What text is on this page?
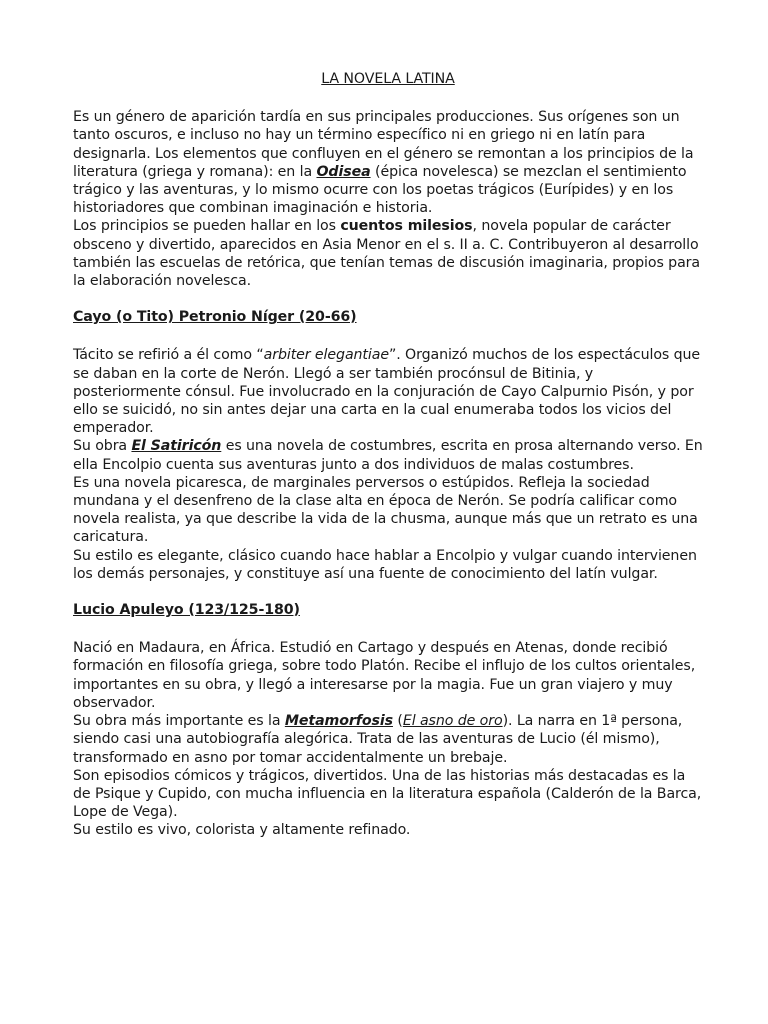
LA NOVELA LATINA

Es un género de aparición tardía en sus principales producciones. Sus orígenes son un tanto oscuros, e incluso no hay un término específico ni en griego ni en latín para designarla. Los elementos que confluyen en el género se remontan a los principios de la literatura (griega y romana): en la Odisea (épica novelesca) se mezclan el sentimiento trágico y las aventuras, y lo mismo ocurre con los poetas trágicos (Eurípides) y en los historiadores que combinan imaginación e historia.

Los principios se pueden hallar en los cuentos milesios, novela popular de carácter obsceno y divertido, aparecidos en Asia Menor en el s. II a. C. Contribuyeron al desarrollo también las escuelas de retórica, que tenían temas de discusión imaginaria, propios para la elaboración novelesca.

Cayo (o Tito) Petronio Níger (20-66)

Tácito se refirió a él como “arbiter elegantiae”. Organizó muchos de los espectáculos que se daban en la corte de Nerón. Llegó a ser también procónsul de Bitinia, y posteriormente cónsul. Fue involucrado en la conjuración de Cayo Calpurnio Pisón, y por ello se suicidó, no sin antes dejar una carta en la cual enumeraba todos los vicios del emperador.

Su obra El Satiricón es una novela de costumbres, escrita en prosa alternando verso. En ella Encolpio cuenta sus aventuras junto a dos individuos de malas costumbres.

Es una novela picaresca, de marginales perversos o estúpidos. Refleja la sociedad mundana y el desenfreno de la clase alta en época de Nerón. Se podría calificar como novela realista, ya que describe la vida de la chusma, aunque más que un retrato es una caricatura.

Su estilo es elegante, clásico cuando hace hablar a Encolpio y vulgar cuando intervienen los demás personajes, y constituye así una fuente de conocimiento del latín vulgar.

Lucio Apuleyo (123/125-180)

Nació en Madaura, en África. Estudió en Cartago y después en Atenas, donde recibió formación en filosofía griega, sobre todo Platón. Recibe el influjo de los cultos orientales, importantes en su obra, y llegó a interesarse por la magia. Fue un gran viajero y muy observador.

Su obra más importante es la Metamorfosis (El asno de oro). La narra en 1ª persona, siendo casi una autobiografía alegórica. Trata de las aventuras de Lucio (él mismo), transformado en asno por tomar accidentalmente un brebaje.

Son episodios cómicos y trágicos, divertidos. Una de las historias más destacadas es la de Psique y Cupido, con mucha influencia en la literatura española (Calderón de la Barca, Lope de Vega).

Su estilo es vivo, colorista y altamente refinado.
